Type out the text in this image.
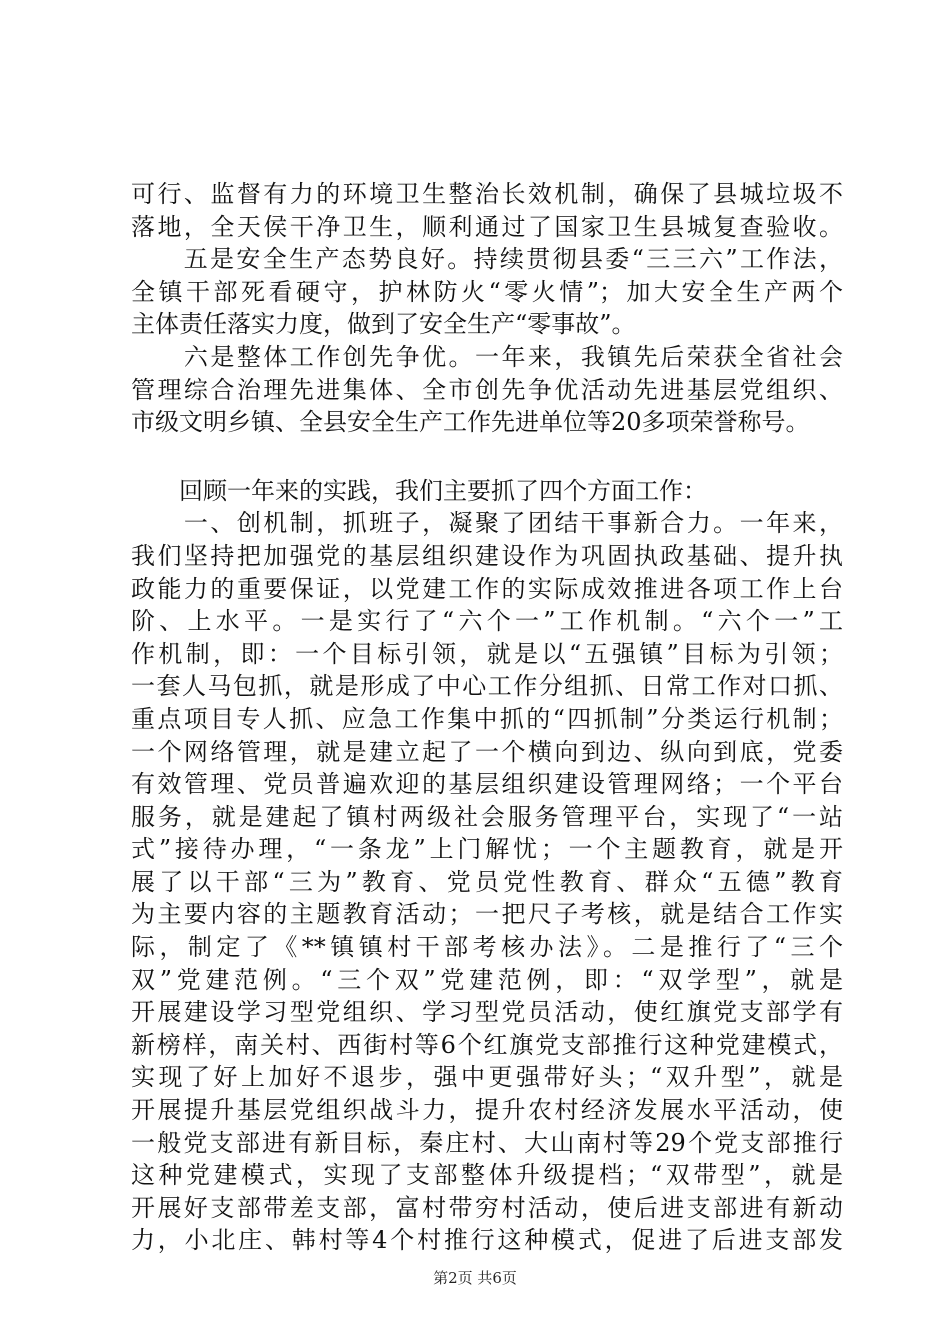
可行、监督有力的环境卫生整治长效机制，确保了县城垃圾不
落地，全天侯干净卫生，顺利通过了国家卫生县城复查验收。
　　五是安全生产态势良好。持续贯彻县委“三三六”工作法，
全镇干部死看硬守，护林防火“零火情”；加大安全生产两个
主体责任落实力度，做到了安全生产“零事故”。
　　六是整体工作创先争优。一年来，我镇先后荣获全省社会
管理综合治理先进集体、全市创先争优活动先进基层党组织、
市级文明乡镇、全县安全生产工作先进单位等20多项荣誉称号。
　　回顾一年来的实践，我们主要抓了四个方面工作：
　　一、创机制，抓班子，凝聚了团结干事新合力。一年来，
我们坚持把加强党的基层组织建设作为巩固执政基础、提升执
政能力的重要保证，以党建工作的实际成效推进各项工作上台
阶、上水平。一是实行了“六个一”工作机制。“六个一”工
作机制，即：一个目标引领，就是以“五强镇”目标为引领；
一套人马包抓，就是形成了中心工作分组抓、日常工作对口抓、
重点项目专人抓、应急工作集中抓的“四抓制”分类运行机制；
一个网络管理，就是建立起了一个横向到边、纵向到底，党委
有效管理、党员普遍欢迎的基层组织建设管理网络；一个平台
服务，就是建起了镇村两级社会服务管理平台，实现了“一站
式”接待办理，“一条龙”上门解忧；一个主题教育，就是开
展了以干部“三为”教育、党员党性教育、群众“五德”教育
为主要内容的主题教育活动；一把尺子考核，就是结合工作实
际，制定了《**镇镇村干部考核办法》。二是推行了“三个
双”党建范例。“三个双”党建范例，即：“双学型”，就是
开展建设学习型党组织、学习型党员活动，使红旗党支部学有
新榜样，南关村、西街村等6个红旗党支部推行这种党建模式，
实现了好上加好不退步，强中更强带好头；“双升型”，就是
开展提升基层党组织战斗力，提升农村经济发展水平活动，使
一般党支部进有新目标，秦庄村、大山南村等29个党支部推行
这种党建模式，实现了支部整体升级提档；“双带型”，就是
开展好支部带差支部，富村带穷村活动，使后进支部进有新动
力，小北庄、韩村等4个村推行这种模式，促进了后进支部发
第2页 共6页
